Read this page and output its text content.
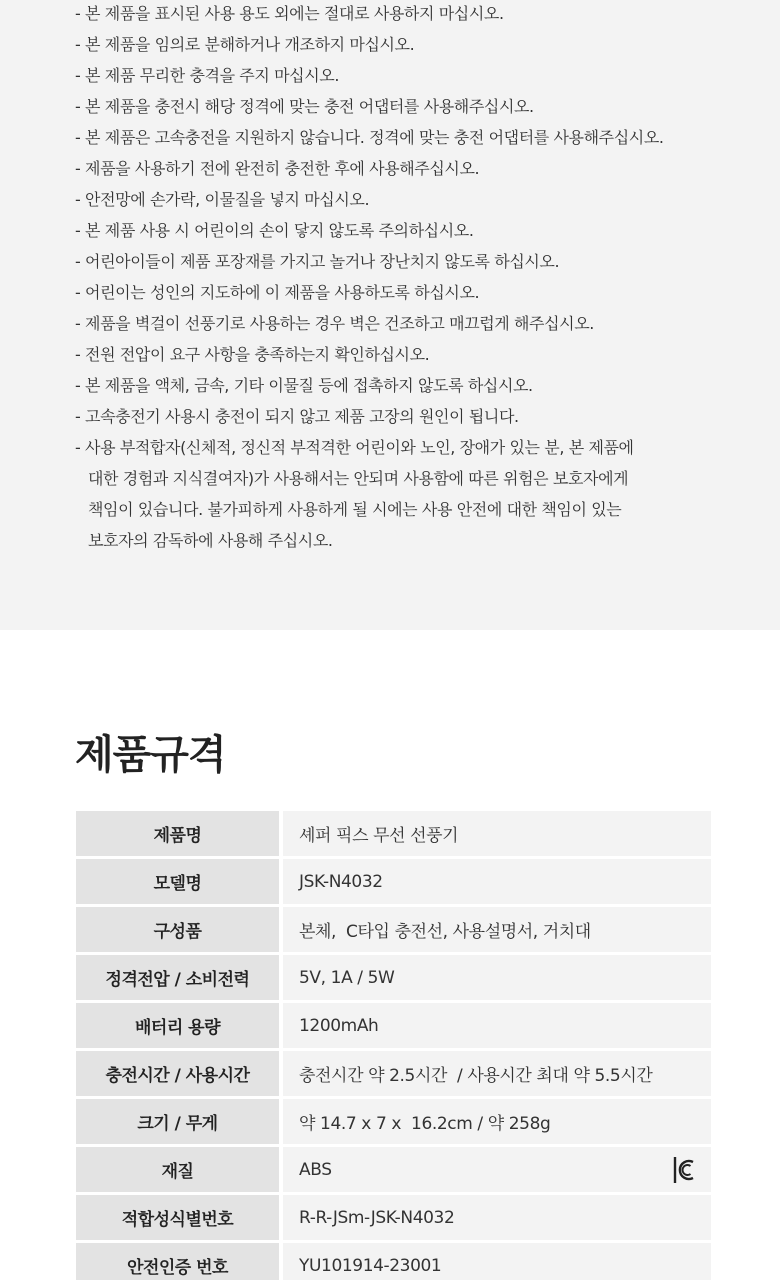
- 본 제품을 표시된 사용 용도 외에는 절대로 사용하지 마십시오.
- 본 제품을 임의로 분해하거나 개조하지 마십시오.
- 본 제품 무리한 충격을 주지 마십시오.
- 본 제품을 충전시 해당 정격에 맞는 충전 어댑터를 사용해주십시오.
- 본 제품은 고속충전을 지원하지 않습니다. 정격에 맞는 충전 어댑터를 사용해주십시오.
- 제품을 사용하기 전에 완전히 충전한 후에 사용해주십시오.
- 안전망에 손가락, 이물질을 넣지 마십시오.
- 본 제품 사용 시 어린이의 손이 닿지 않도록 주의하십시오.
- 어린아이들이 제품 포장재를 가지고 놀거나 장난치지 않도록 하십시오.
- 어린이는 성인의 지도하에 이 제품을 사용하도록 하십시오.
- 제품을 벽걸이 선풍기로 사용하는 경우 벽은 건조하고 매끄럽게 해주십시오.
- 전원 전압이 요구 사항을 충족하는지 확인하십시오.
- 본 제품을 액체, 금속, 기타 이물질 등에 접촉하지 않도록 하십시오.
- 고속충전기 사용시 충전이 되지 않고 제품 고장의 원인이 됩니다.
- 사용 부적합자(신체적, 정신적 부적격한 어린이와 노인, 장애가 있는 분, 본 제품에
대한 경험과 지식결여자)가 사용해서는 안되며 사용함에 따른 위험은 보호자에게
책임이 있습니다. 불가피하게 사용하게 될 시에는 사용 안전에 대한 책임이 있는
보호자의 감독하에 사용해 주십시오.
제품규격
제품명	셰퍼 픽스 무선 선풍기
모델명	JSK-N4032
구성품	본체,  C타입 충전선, 사용설명서, 거치대
정격전압 / 소비전력	5V, 1A / 5W
배터리 용량	1200mAh
충전시간 / 사용시간	충전시간 약 2.5시간  / 사용시간 최대 약 5.5시간
크기 / 무게	약 14.7 x 7 x  16.2cm / 약 258g
재질	ABS
적합성식별번호	R-R-JSm-JSK-N4032
안전인증 번호	YU101914-23001
